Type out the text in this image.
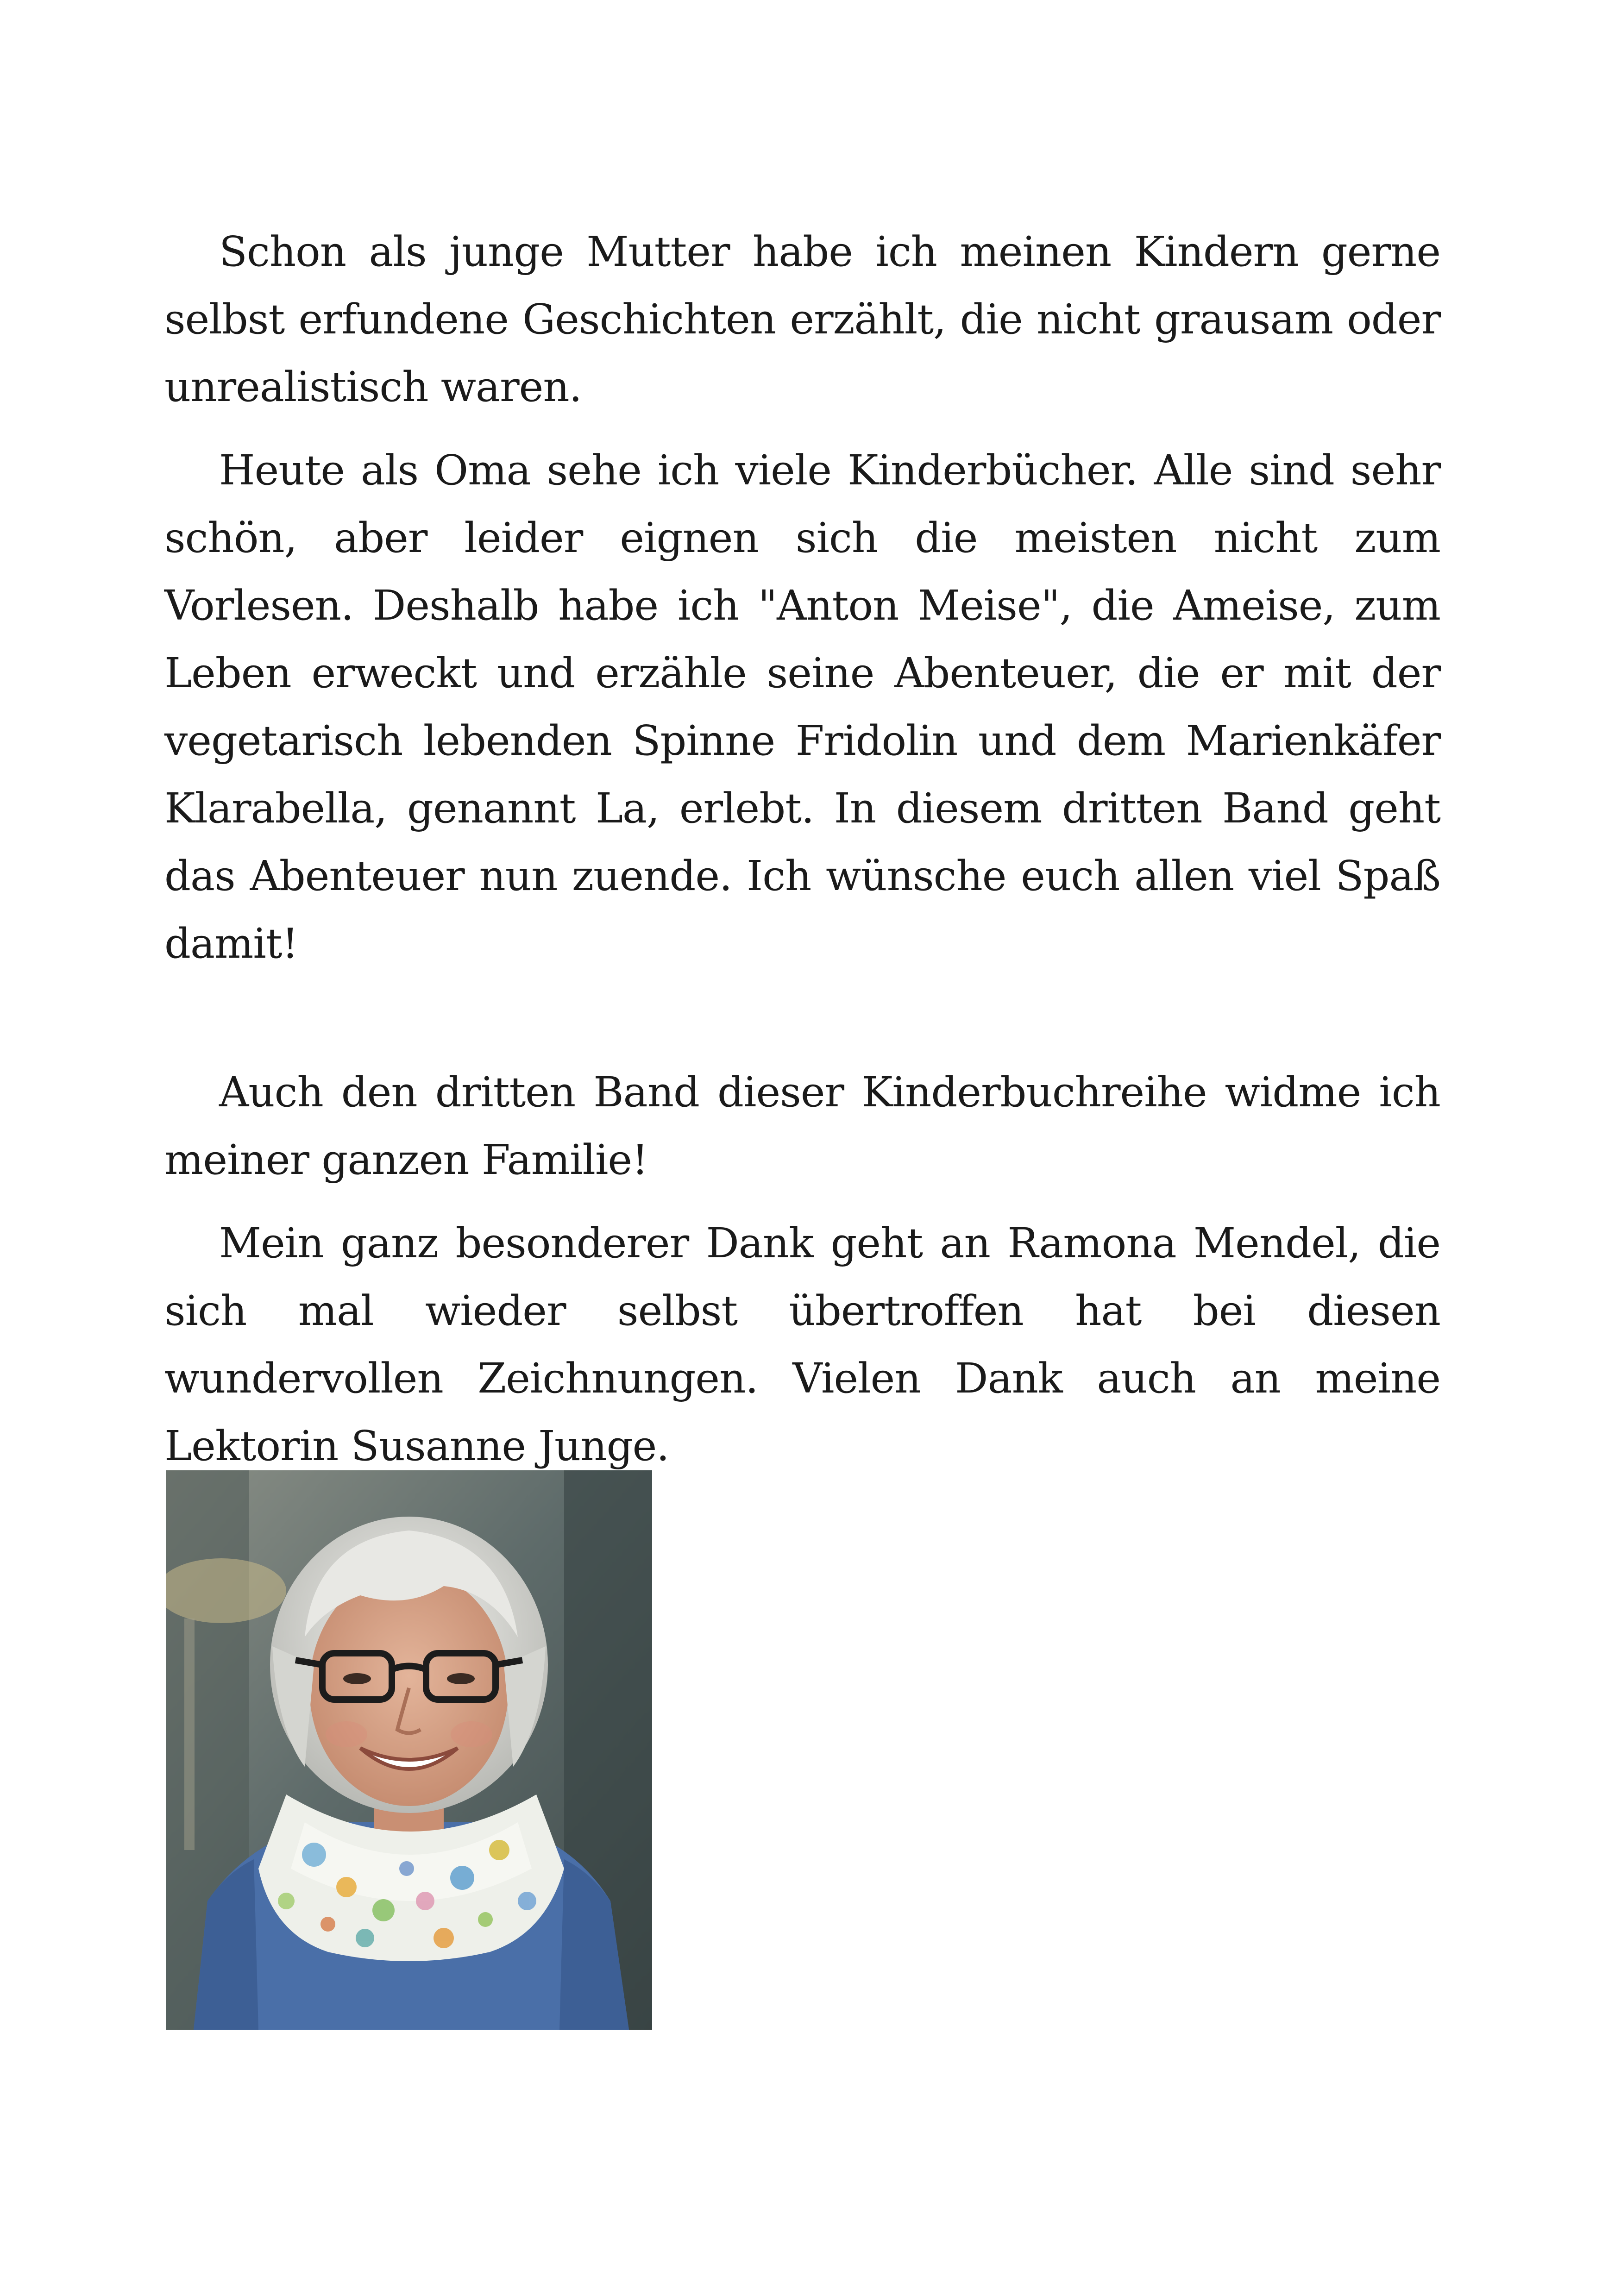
Schon als junge Mutter habe ich meinen Kindern gerne selbst erfundene Geschichten erzählt, die nicht grausam oder unrealistisch waren.

Heute als Oma sehe ich viele Kinderbücher. Alle sind sehr schön, aber leider eignen sich die meisten nicht zum Vorlesen. Deshalb habe ich "Anton Meise", die Ameise, zum Leben erweckt und erzähle seine Abenteuer, die er mit der vegetarisch lebenden Spinne Fridolin und dem Marienkäfer Klarabella, genannt La, erlebt. In diesem dritten Band geht das Abenteuer nun zuende. Ich wünsche euch allen viel Spaß damit!

Auch den dritten Band dieser Kinderbuchreihe widme ich meiner ganzen Familie!

Mein ganz besonderer Dank geht an Ramona Mendel, die sich mal wieder selbst übertroffen hat bei diesen wundervollen Zeichnungen. Vielen Dank auch an meine Lektorin Susanne Junge.
